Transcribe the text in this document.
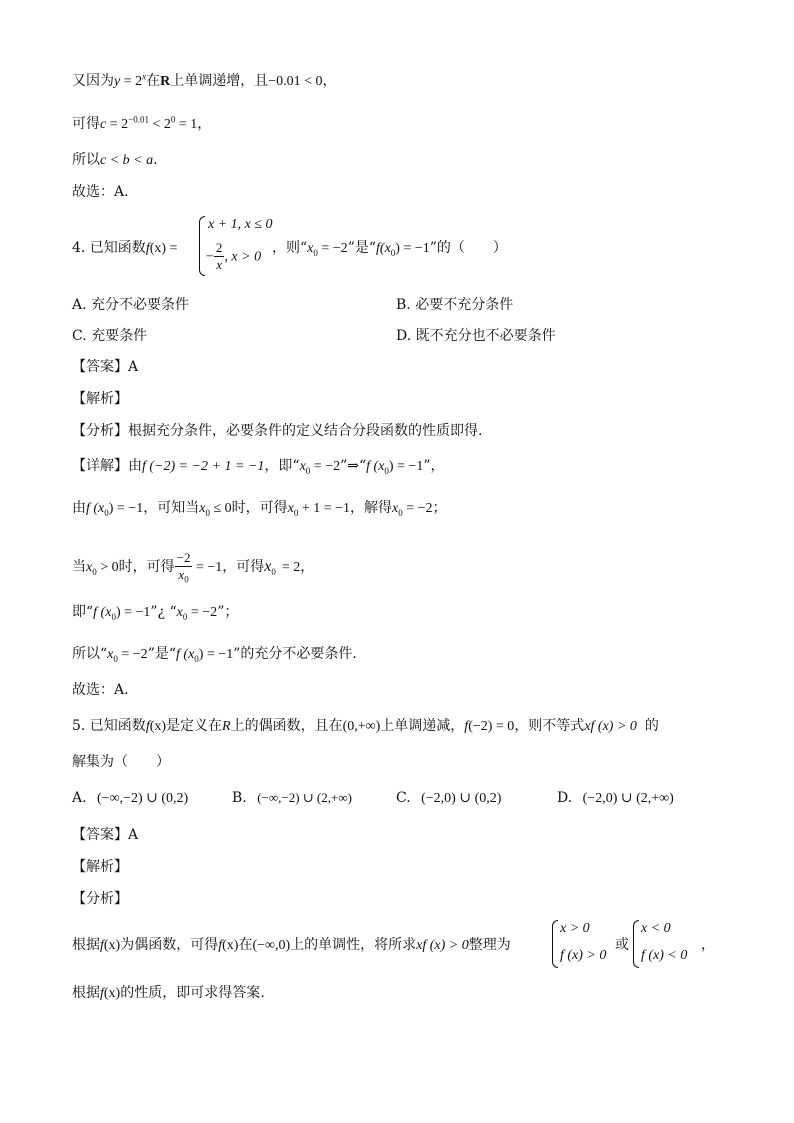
又因为$y = 2^x$在R上单调递增，且−0.01 < 0，
可得$c = 2^{-0.01} < 2^0 = 1$，
所以c < b < a.
故选：A.
4. 已知函数f(x) =
x + 1, x ≤ 0
− $\frac{2}{x}$ , x > 0
，则“$x_0 = -2$”是“$f(x_0) = -1$”的（　　）
A. 充分不必要条件	B. 必要不充分条件
C. 充要条件	D. 既不充分也不必要条件
【答案】A
【解析】
【分析】根据充分条件，必要条件的定义结合分段函数的性质即得.
【详解】由f (−2) = −2 + 1 = −1，即“$x_0$ = −2”⇒“f $(x_0) = -1$”，
由f $(x_0) = -1$，可知当$x_0 \le 0$时，可得$x_0 + 1 = -1$，解得$x_0 = -2$；
当$x_0 > 0$时，可得 $\frac{-2}{x_0} = -1$，可得$x_0 = 2$，
即“f $(x_0)$ = −1”¿ “$x_0 = -2$”；
所以“$x_0 = -2$”是“f $(x_0) = -1$”的充分不必要条件.
故选：A.
5. 已知函数f(x)是定义在R上的偶函数，且在(0,+∞)上单调递减，f(−2) = 0，则不等式xf (x) > 0 的
解集为（　　）
A. (−∞,−2) ∪ (0,2)	B. (−∞,−2) ∪ (2,+∞)	C. (−2,0) ∪ (0,2)	D. (−2,0) ∪ (2,+∞)
【答案】A
【解析】
【分析】
根据f(x)为偶函数，可得f(x)在(−∞,0)上的单调性，将所求xf (x) > 0整理为
x > 0
f (x) > 0
或
x < 0
f (x) < 0
，
根据f(x)的性质，即可求得答案.
